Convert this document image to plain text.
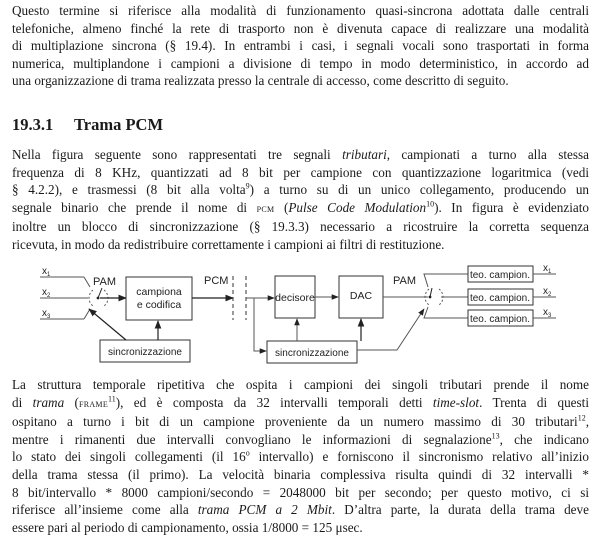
Questo termine si riferisce alla modalità di funzionamento quasi-sincrona adottata dalle centrali
telefoniche, almeno finché la rete di trasporto non è divenuta capace di realizzare una modalità
di multiplazione sincrona (§ 19.4). In entrambi i casi, i segnali vocali sono trasportati in forma
numerica, multiplandone i campioni a divisione di tempo in modo deterministico, in accordo ad
una organizzazione di trama realizzata presso la centrale di accesso, come descritto di seguito.

19.3.1 Trama PCM

Nella figura seguente sono rappresentati tre segnali tributari, campionati a turno alla stessa
frequenza di 8 KHz, quantizzati ad 8 bit per campione con quantizzazione logaritmica (vedi
§ 4.2.2), e trasmessi (8 bit alla volta$^9$) a turno su di un unico collegamento, producendo un
segnale binario che prende il nome di pcm (Pulse Code Modulation$^{10}$). In figura è evidenziato
inoltre un blocco di sincronizzazione (§ 19.3.3) necessario a ricostruire la corretta sequenza
ricevuta, in modo da redistribuire correttamente i campioni ai filtri di restituzione.

$x_1$
$x_2$
$x_3$
PAM
campiona
e codifica
sincronizzazione
PCM
decisore	DAC
sincronizzazione
PAM	teo. campion.
teo. campion.
teo. campion.
$x_1$
$x_2$
$x_3$

La struttura temporale ripetitiva che ospita i campioni dei singoli tributari prende il nome
di trama (frame$^{11}$), ed è composta da 32 intervalli temporali detti time-slot. Trenta di questi
ospitano a turno i bit di un campione proveniente da un numero massimo di 30 tributari$^{12}$,
mentre i rimanenti due intervalli convogliano le informazioni di segnalazione$^{13}$, che indicano
lo stato dei singoli collegamenti (il 16$^o$ intervallo) e forniscono il sincronismo relativo all’inizio
della trama stessa (il primo). La velocità binaria complessiva risulta quindi di 32 intervalli *
8 bit/intervallo * 8000 campioni/secondo = 2048000 bit per secondo; per questo motivo, ci si
riferisce all’insieme come alla trama PCM a 2 Mbit. D’altra parte, la durata della trama deve
essere pari al periodo di campionamento, ossia 1/8000 = 125 μsec.
